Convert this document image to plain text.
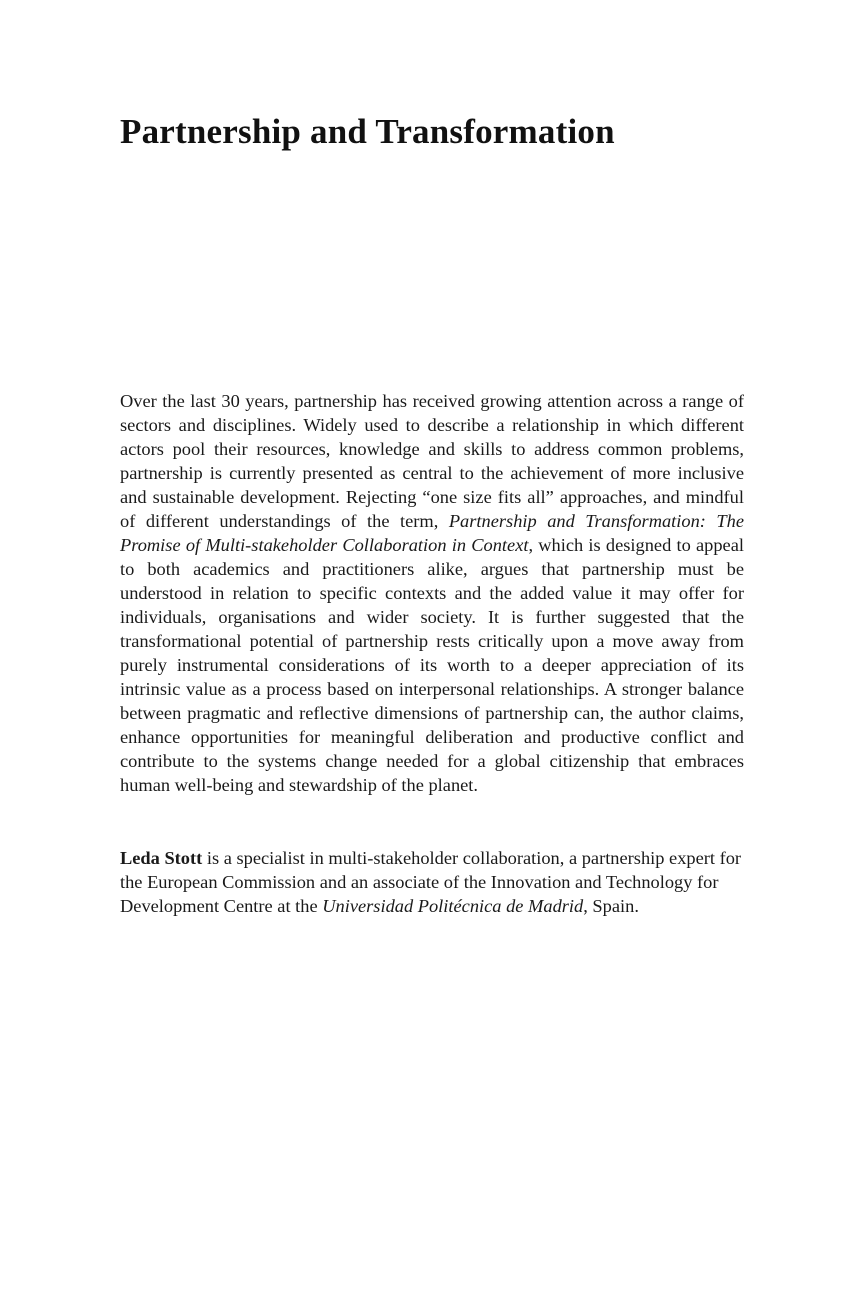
Partnership and Transformation

Over the last 30 years, partnership has received growing attention across a range of sectors and disciplines. Widely used to describe a relationship in which different actors pool their resources, knowledge and skills to address common problems, partnership is currently presented as central to the achievement of more inclusive and sustainable development. Rejecting “one size fits all” approaches, and mindful of different understandings of the term, Partnership and Transformation: The Promise of Multi-stakeholder Collaboration in Context, which is designed to appeal to both academics and practitioners alike, argues that partnership must be understood in relation to specific contexts and the added value it may offer for individuals, organisations and wider society. It is further suggested that the transformational potential of partnership rests critically upon a move away from purely instrumental considerations of its worth to a deeper appreciation of its intrinsic value as a process based on interpersonal relationships. A stronger balance between pragmatic and reflective dimensions of partnership can, the author claims, enhance opportunities for meaningful deliberation and productive conflict and contribute to the systems change needed for a global citizenship that embraces human well-being and stewardship of the planet.

Leda Stott is a specialist in multi-stakeholder collaboration, a partnership expert for the European Commission and an associate of the Innovation and Technology for Development Centre at the Universidad Politécnica de Madrid, Spain.
